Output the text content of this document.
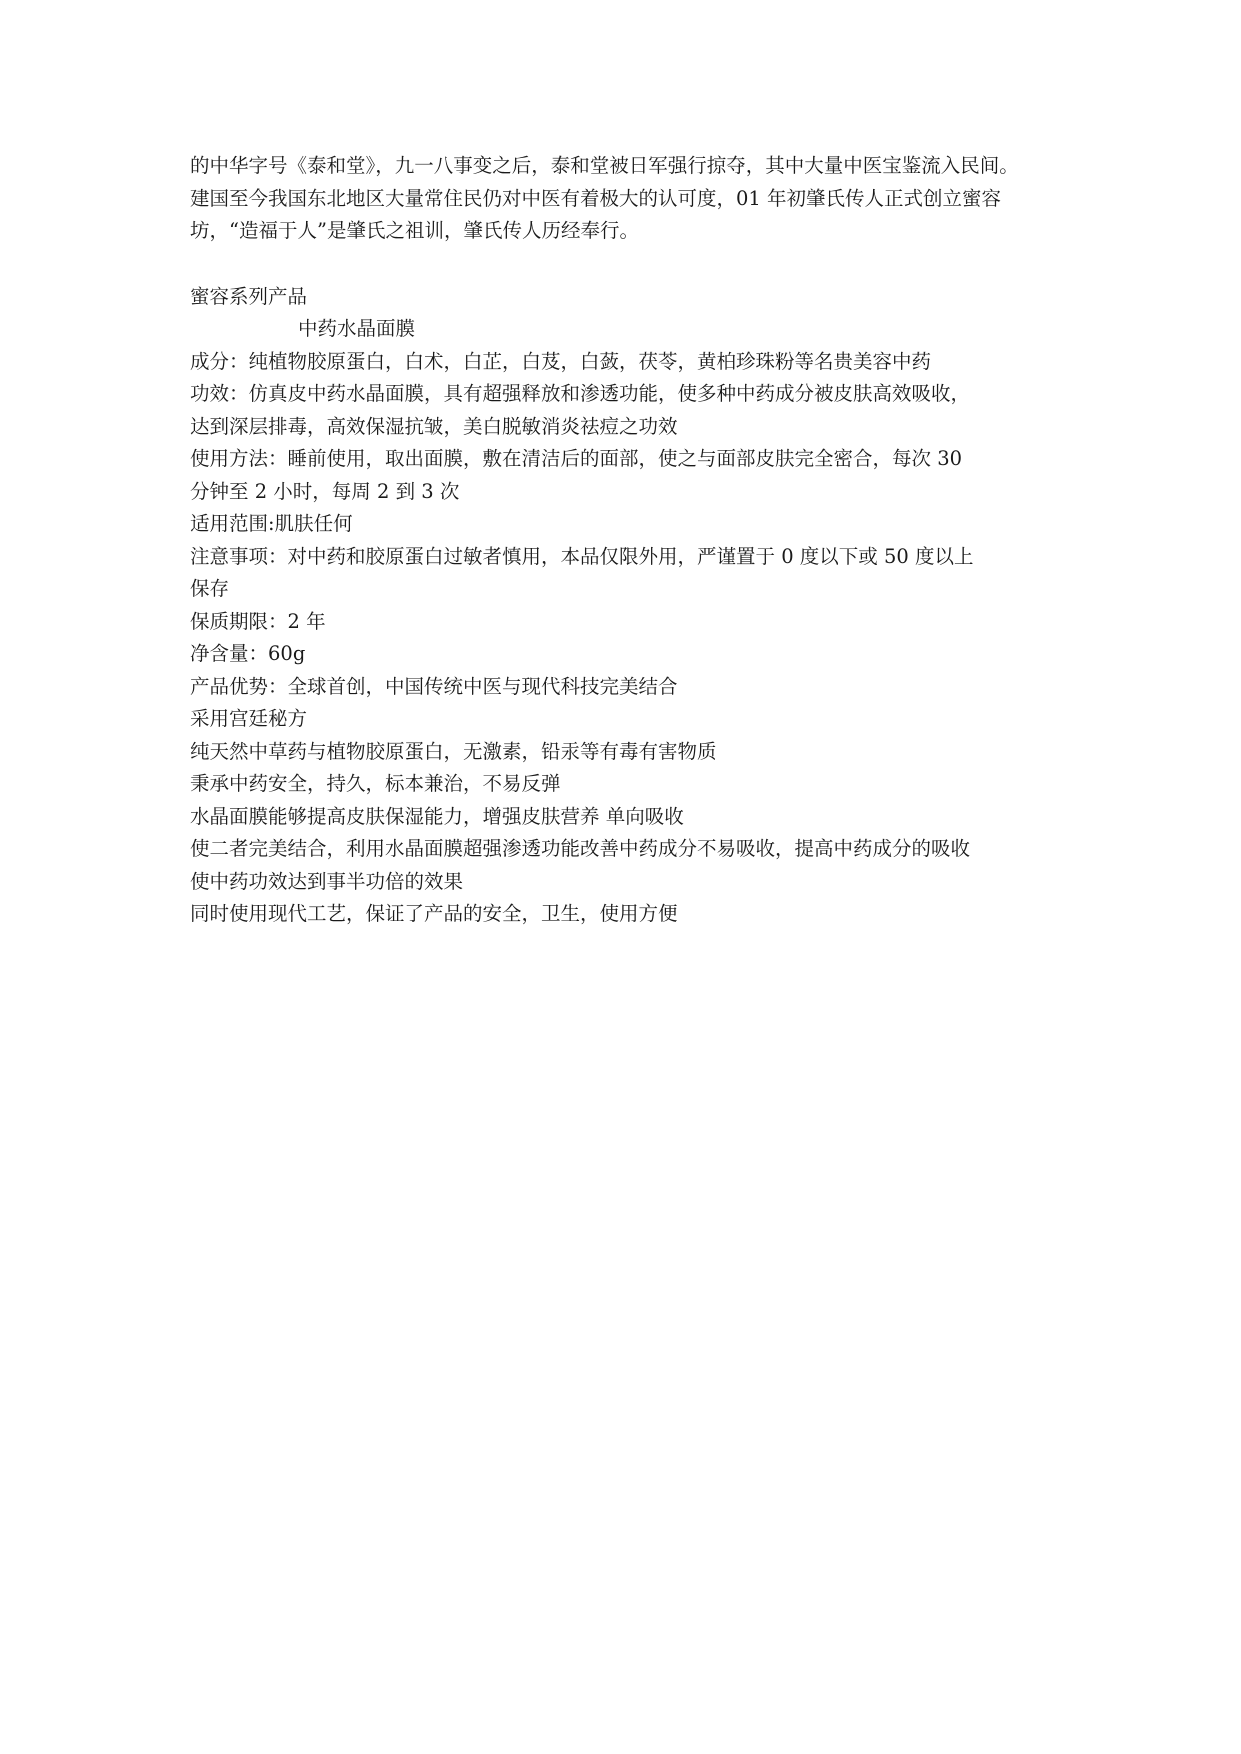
的中华字号《泰和堂》，九一八事变之后，泰和堂被日军强行掠夺，其中大量中医宝鉴流入民间。

建国至今我国东北地区大量常住民仍对中医有着极大的认可度，01 年初肇氏传人正式创立蜜容

坊，“造福于人”是肇氏之祖训，肇氏传人历经奉行。

蜜容系列产品

中药水晶面膜

成分：纯植物胶原蛋白，白术，白芷，白芨，白蔹，茯苓，黄柏珍珠粉等名贵美容中药

功效：仿真皮中药水晶面膜，具有超强释放和渗透功能，使多种中药成分被皮肤高效吸收，

达到深层排毒，高效保湿抗皱，美白脱敏消炎祛痘之功效

使用方法：睡前使用，取出面膜，敷在清洁后的面部，使之与面部皮肤完全密合，每次 30

分钟至 2 小时，每周 2 到 3 次

适用范围:肌肤任何

注意事项：对中药和胶原蛋白过敏者慎用，本品仅限外用，严谨置于 0 度以下或 50 度以上

保存

保质期限：2 年

净含量：60g

产品优势：全球首创，中国传统中医与现代科技完美结合

采用宫廷秘方

纯天然中草药与植物胶原蛋白，无激素，铅汞等有毒有害物质

秉承中药安全，持久，标本兼治，不易反弹

水晶面膜能够提高皮肤保湿能力，增强皮肤营养 单向吸收

使二者完美结合，利用水晶面膜超强渗透功能改善中药成分不易吸收，提高中药成分的吸收

使中药功效达到事半功倍的效果

同时使用现代工艺，保证了产品的安全，卫生，使用方便
